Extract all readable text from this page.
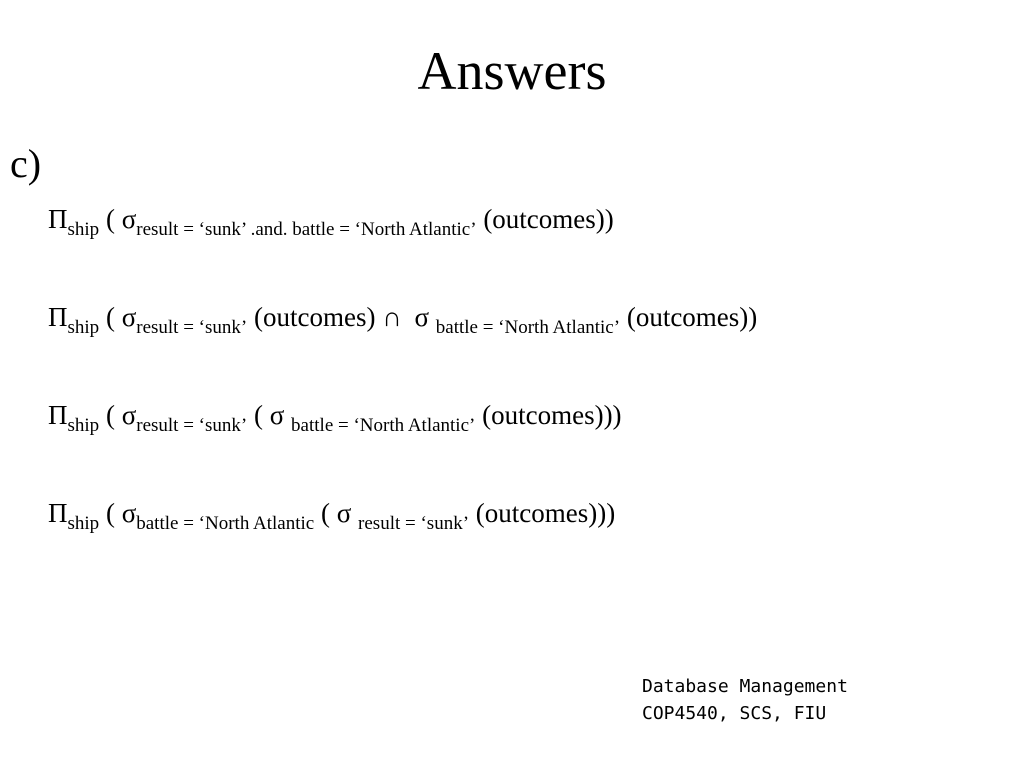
Answers
c)
$\Pi_{ship}$ ( $\sigma_{result = ‘sunk’ .and. battle = ‘North Atlantic’}$ (outcomes))
$\Pi_{ship}$ ( $\sigma_{result = ‘sunk’}$ (outcomes) ∩ σ $_{battle = ‘North Atlantic’}$ (outcomes))
$\Pi_{ship}$ ( $\sigma_{result = ‘sunk’}$ ( σ $_{battle = ‘North Atlantic’}$ (outcomes)))
$\Pi_{ship}$ ( $\sigma_{battle = ‘North Atlantic}$ ( σ $_{result = ‘sunk’}$ (outcomes)))
Database Management
COP4540, SCS, FIU
